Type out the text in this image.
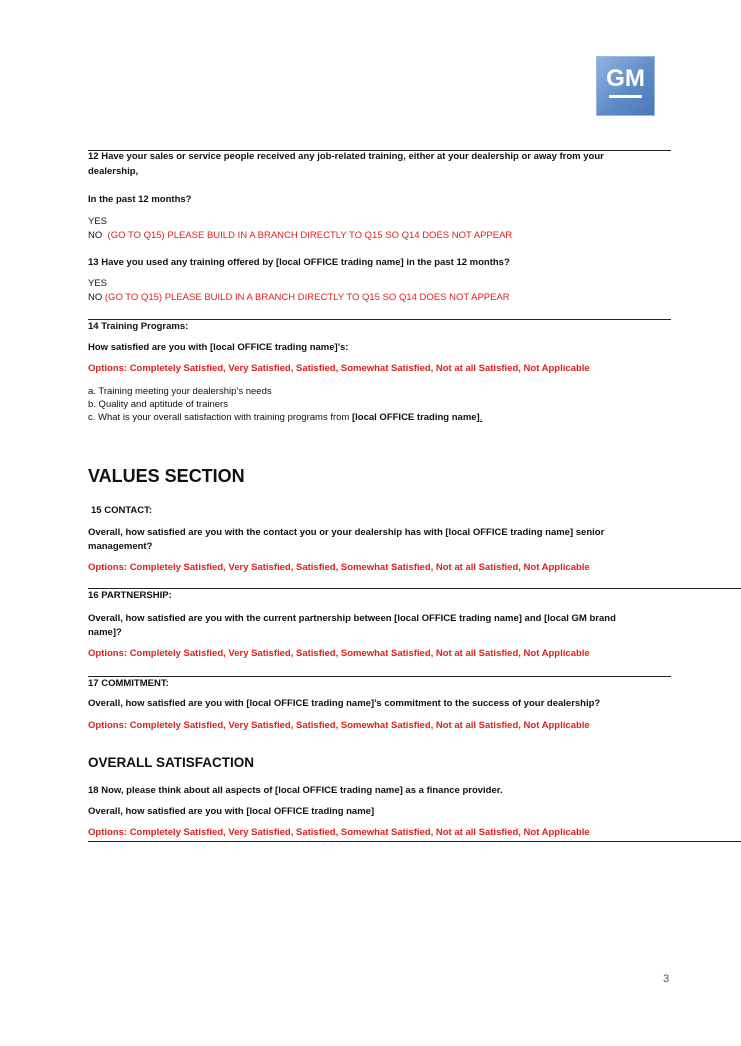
GM
12 Have your sales or service people received any job-related training, either at your dealership or away from your
dealership,
In the past 12 months?
YES
NO (GO TO Q15) PLEASE BUILD IN A BRANCH DIRECTLY TO Q15 SO Q14 DOES NOT APPEAR
13 Have you used any training offered by [local OFFICE trading name] in the past 12 months?
YES
NO (GO TO Q15) PLEASE BUILD IN A BRANCH DIRECTLY TO Q15 SO Q14 DOES NOT APPEAR
14 Training Programs:
How satisfied are you with [local OFFICE trading name]’s:
Options: Completely Satisfied, Very Satisfied, Satisfied, Somewhat Satisfied, Not at all Satisfied, Not Applicable
a. Training meeting your dealership’s needs
b. Quality and aptitude of trainers
c. What is your overall satisfaction with training programs from [local OFFICE trading name].
VALUES SECTION
15 CONTACT:
Overall, how satisfied are you with the contact you or your dealership has with [local OFFICE trading name] senior
management?
Options: Completely Satisfied, Very Satisfied, Satisfied, Somewhat Satisfied, Not at all Satisfied, Not Applicable
16 PARTNERSHIP:
Overall, how satisfied are you with the current partnership between [local OFFICE trading name] and [local GM brand
name]?
Options: Completely Satisfied, Very Satisfied, Satisfied, Somewhat Satisfied, Not at all Satisfied, Not Applicable
17 COMMITMENT:
Overall, how satisfied are you with [local OFFICE trading name]’s commitment to the success of your dealership?
Options: Completely Satisfied, Very Satisfied, Satisfied, Somewhat Satisfied, Not at all Satisfied, Not Applicable
OVERALL SATISFACTION
18 Now, please think about all aspects of [local OFFICE trading name] as a finance provider.
Overall, how satisfied are you with [local OFFICE trading name]
Options: Completely Satisfied, Very Satisfied, Satisfied, Somewhat Satisfied, Not at all Satisfied, Not Applicable
3
